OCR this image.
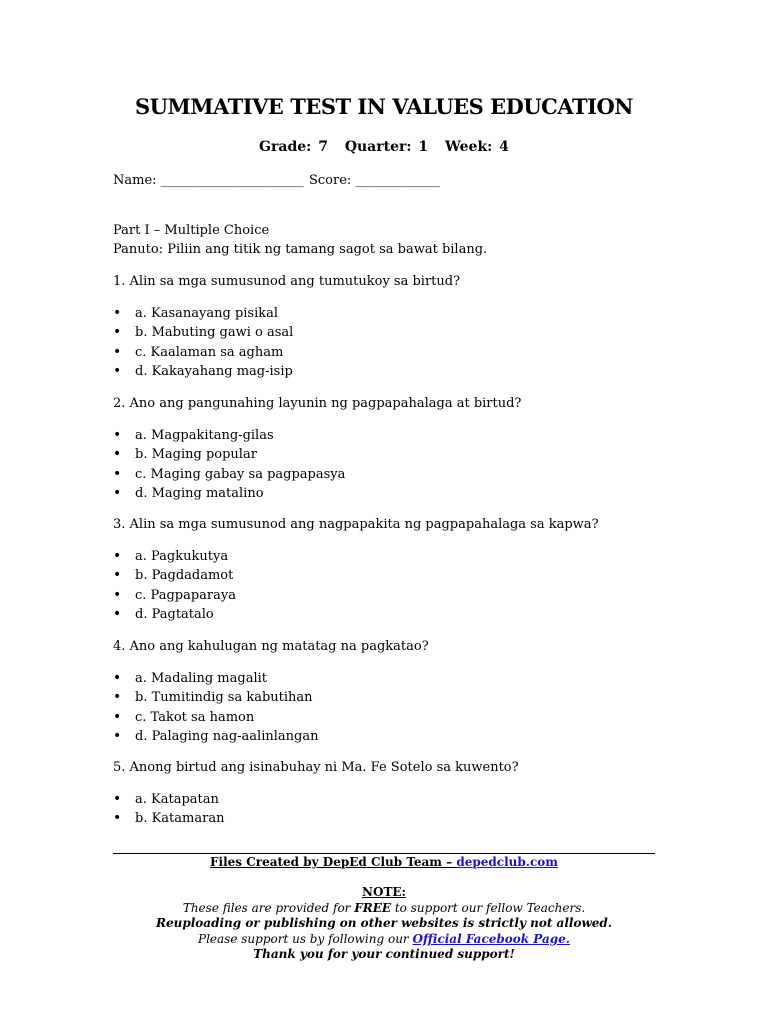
SUMMATIVE TEST IN VALUES EDUCATION
Grade: 7 Quarter: 1 Week: 4
Name: ______________________ Score: _____________
Part I – Multiple Choice
Panuto: Piliin ang titik ng tamang sagot sa bawat bilang.
1. Alin sa mga sumusunod ang tumutukoy sa birtud?
• a. Kasanayang pisikal
• b. Mabuting gawi o asal
• c. Kaalaman sa agham
• d. Kakayahang mag-isip
2. Ano ang pangunahing layunin ng pagpapahalaga at birtud?
• a. Magpakitang-gilas
• b. Maging popular
• c. Maging gabay sa pagpapasya
• d. Maging matalino
3. Alin sa mga sumusunod ang nagpapakita ng pagpapahalaga sa kapwa?
• a. Pagkukutya
• b. Pagdadamot
• c. Pagpaparaya
• d. Pagtatalo
4. Ano ang kahulugan ng matatag na pagkatao?
• a. Madaling magalit
• b. Tumitindig sa kabutihan
• c. Takot sa hamon
• d. Palaging nag-aalinlangan
5. Anong birtud ang isinabuhay ni Ma. Fe Sotelo sa kuwento?
• a. Katapatan
• b. Katamaran
Files Created by DepEd Club Team – depedclub.com
NOTE:
These files are provided for FREE to support our fellow Teachers.
Reuploading or publishing on other websites is strictly not allowed.
Please support us by following our Official Facebook Page.
Thank you for your continued support!
